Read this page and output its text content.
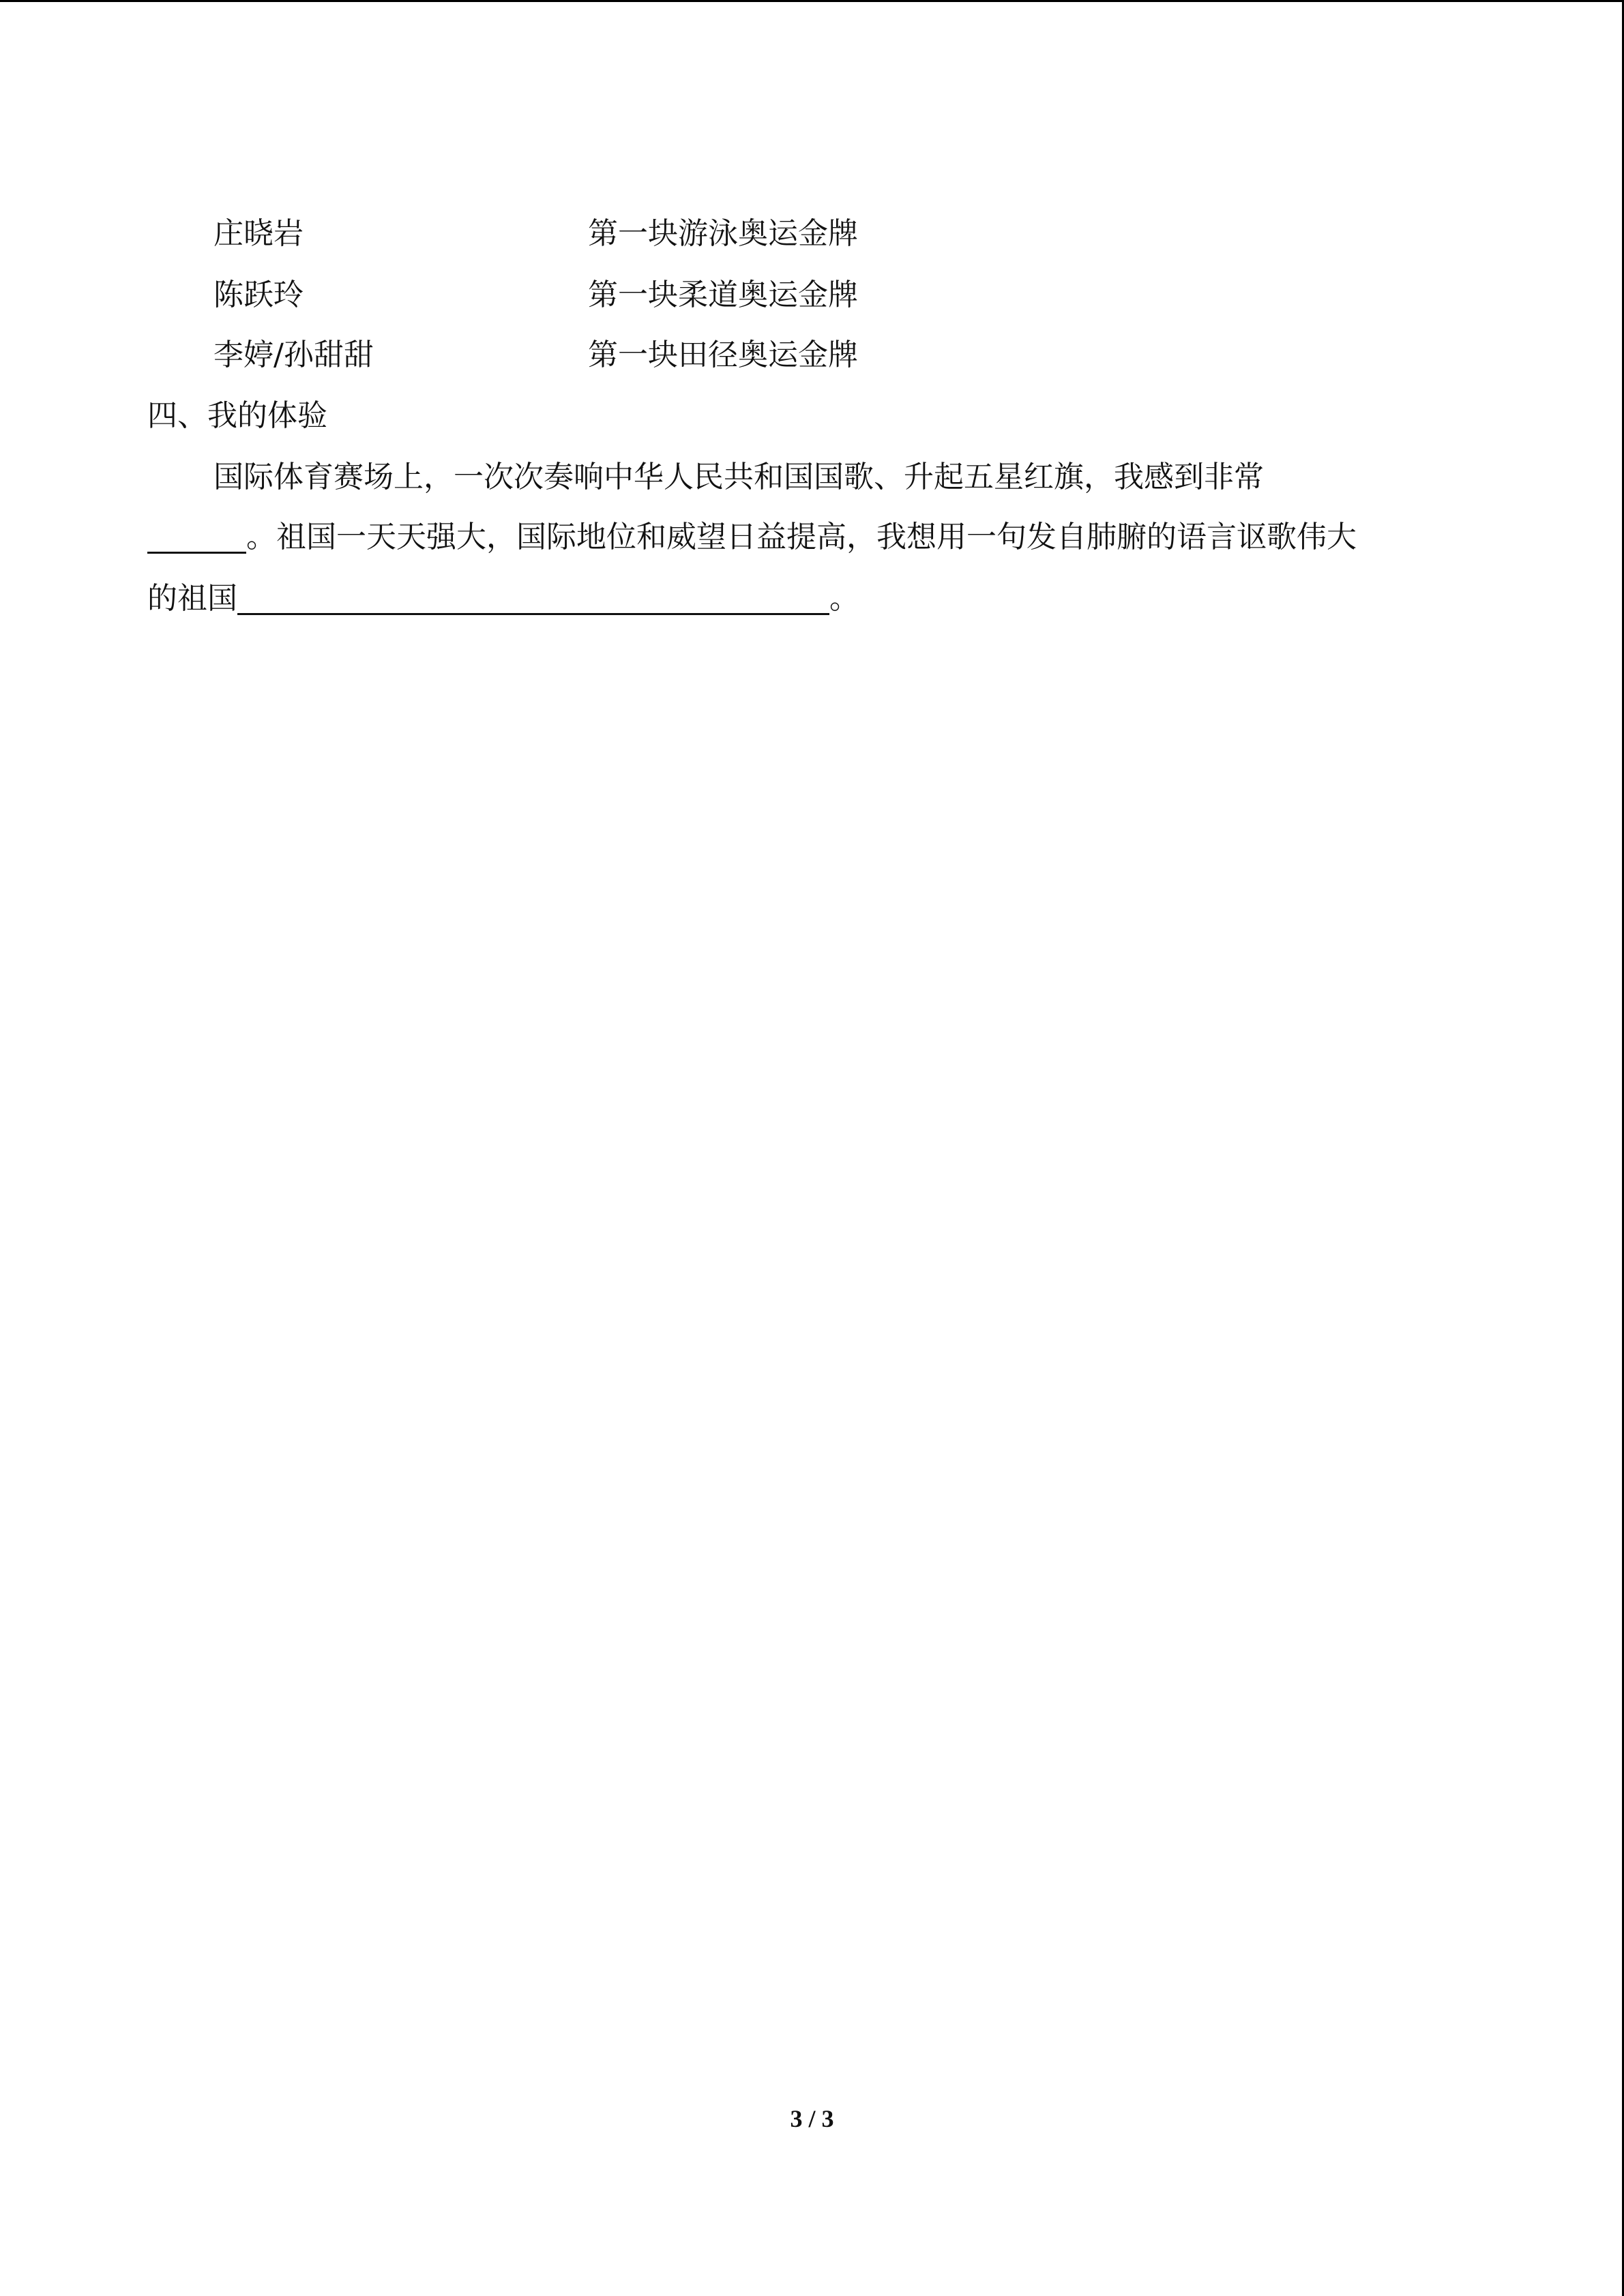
庄晓岩	第一块游泳奥运金牌
陈跃玲	第一块柔道奥运金牌
李婷/孙甜甜	第一块田径奥运金牌
四、我的体验
国际体育赛场上，一次次奏响中华人民共和国国歌、升起五星红旗，我感到非常
。祖国一天天强大，国际地位和威望日益提高，我想用一句发自肺腑的语言讴歌伟大
的祖国	。
3 / 3
